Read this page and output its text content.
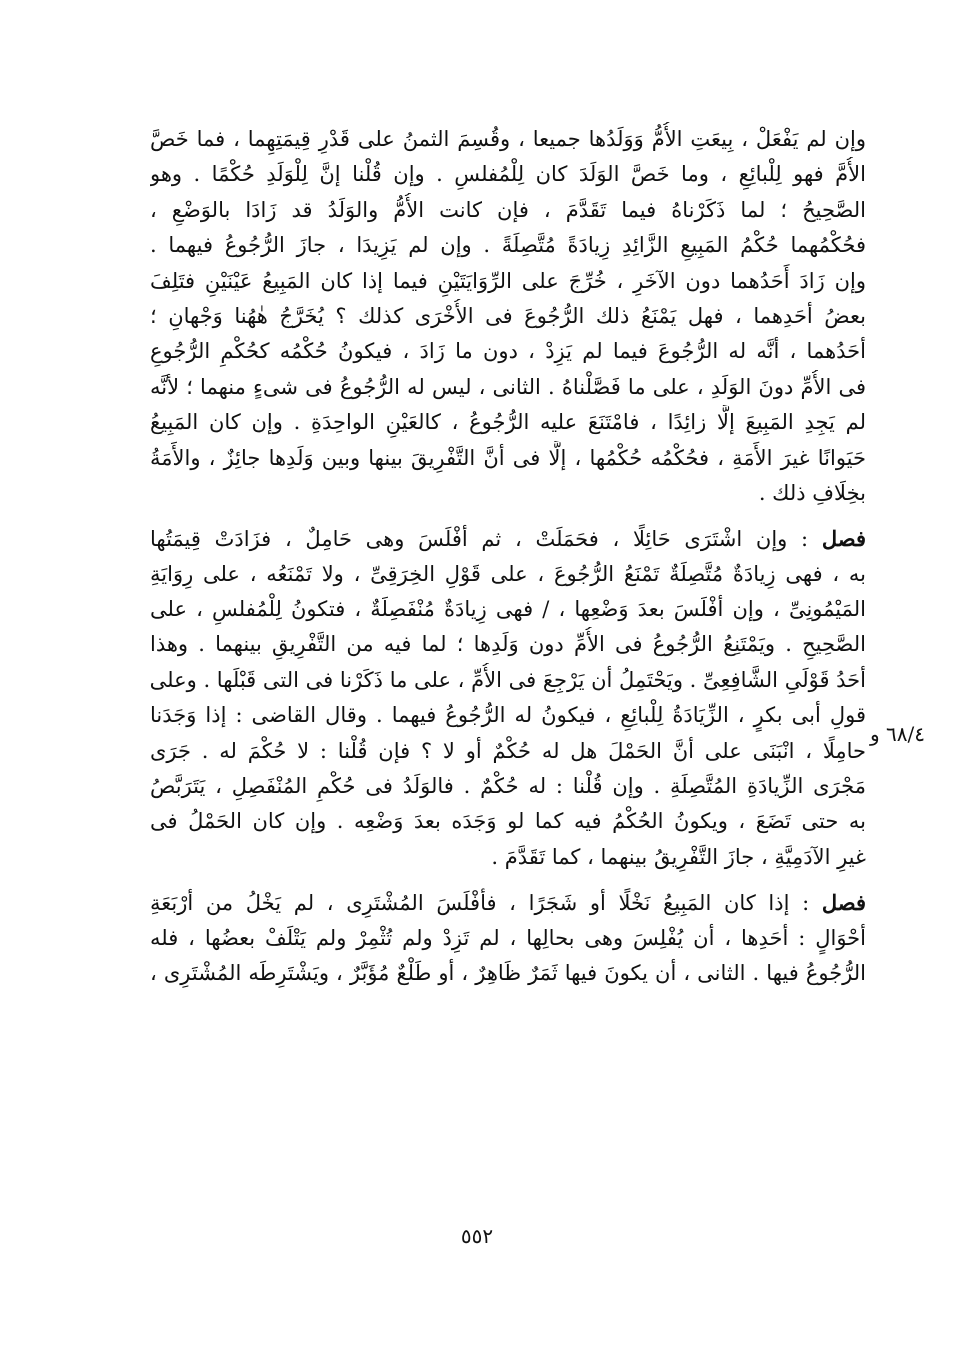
وإن لم يَفْعَلْ ، بِيعَتِ الأُمُّ وَوَلَدُها جميعا ، وقُسِمَ الثمنُ على قَدْرِ قِيمَتِهِما ، فما خَصَّ
الأُمَّ فهو لِلْبائِعِ ، وما خَصَّ الوَلَدَ كان لِلْمُفلسِ . وإن قُلْنا إنَّ لِلْوَلَدِ حُكْمًا . وهو
الصَّحِيحُ ؛ لما ذَكَرْناهُ فيما تَقَدَّمَ ، فإن كانت الأُمُّ والوَلَدُ قد زَادَا بالوَضْعِ ،
فحُكْمُهما حُكْمُ المَبِيعِ الزَّائِدِ زِيادَةً مُتَّصِلَةً . وإن لم يَزِيدَا ، جازَ الرُّجُوعُ فيهما .
وإن زَادَ أَحَدُهما دون الآخَرِ ، خُرِّجَ على الرِّوَايَتَيْنِ فيما إذا كان المَبِيعُ عَيْنَيْنِ فتَلِفَ
بعضُ أحَدِهما ، فهل يَمْنَعُ ذلك الرُّجُوعَ فى الأُخْرَى كذلك ؟ يُخَرَّجُ هٰهُنا وَجْهانِ ؛
أحَدُهما ، أنَّه له الرُّجُوعَ فيما لم يَزِدْ ، دون ما زَادَ ، فيكونُ حُكْمُه كحُكْمِ الرُّجُوعِ
فى الأُمِّ دونَ الوَلَدِ ، على ما فَصَّلْناهُ . الثانى ، ليس له الرُّجُوعُ فى شىءٍ منهما ؛ لأنَّه
لم يَجِدِ المَبِيعَ إلَّا زائِدًا ، فامْتَنَعَ عليه الرُّجُوعُ ، كالعَيْنِ الواحِدَةِ . وإن كان المَبِيعُ
حَيَوانًا غيرَ الأَمَةِ ، فحُكْمُه حُكْمُها ، إلَّا فى أنَّ التَّفْرِيقَ بينها وبين وَلَدِها جائِزٌ ، والأَمَةُ
بخِلَافِ ذلك .
فصل : وإن اشْتَرَى حَائِلًا ، فحَمَلَتْ ، ثم أفْلَسَ وهى حَامِلٌ ، فزَادَتْ قِيمَتُها
به ، فهى زِيادَةٌ مُتَّصِلَةٌ تَمْنَعُ الرُّجُوعَ ، على قَوْلِ الخِرَقِىِّ ، ولا تَمْنَعُه ، على رِوَايَةِ
المَيْمُونِىِّ ، وإن أفْلَسَ بعدَ وَضْعِها ، / فهى زِيادَةٌ مُنْفَصِلَةٌ ، فتكونُ لِلْمُفلسِ ، على
الصَّحِيحِ . ويَمْتَنِعُ الرُّجُوعُ فى الأُمِّ دون وَلَدِها ؛ لما فيه من التَّفْرِيقِ بينهما . وهذا
أحَدُ قَوْلَىِ الشَّافِعِىِّ . ويَحْتَمِلُ أن يَرْجِعَ فى الأُمِّ ، على ما ذَكَرْنا فى التى قَبْلَها . وعلى
قولِ أبى بكرٍ ، الزِّيَادَةُ لِلْبائِعِ ، فيكونُ له الرُّجُوعُ فيهما . وقال القاضى : إذا وَجَدَنا
حامِلًا ، انْبَنَى على أنَّ الحَمْلَ هل له حُكْمٌ أو لا ؟ فإن قُلْنا : لا حُكْمَ له . جَرَى
مَجْرَى الزِّيادَةِ المُتَّصِلَةِ . وإن قُلْنا : له حُكْمٌ . فالوَلَدُ فى حُكْمِ المُنْفَصِلِ ، يَتَرَبَّصُ
به حتى تَضَعَ ، ويكونُ الحُكْمُ فيه كما لو وَجَدَه بعدَ وَضْعِه . وإن كان الحَمْلُ فى
غيرِ الآدَمِيَّةِ ، جازَ التَّفْرِيقُ بينهما ، كما تَقَدَّمَ .
فصل : إذا كان المَبِيعُ نَخْلًا أو شَجَرًا ، فأفْلَسَ المُشْتَرِى ، لم يَخْلُ من أرْبَعَةِ
أحْوَالٍ : أحَدِها ، أن يُفْلِسَ وهى بحالِها ، لم تَزِدْ ولم تُثْمِرْ ولم يَتْلَفْ بعضُها ، فله
الرُّجُوعُ فيها . الثانى ، أن يكونَ فيها ثَمَرٌ ظَاهِرٌ ، أو طَلْعٌ مُؤَبَّرٌ ، ويَشْتَرِطَه المُشْتَرِى ،
٦٨/٤ و
٥٥٢
